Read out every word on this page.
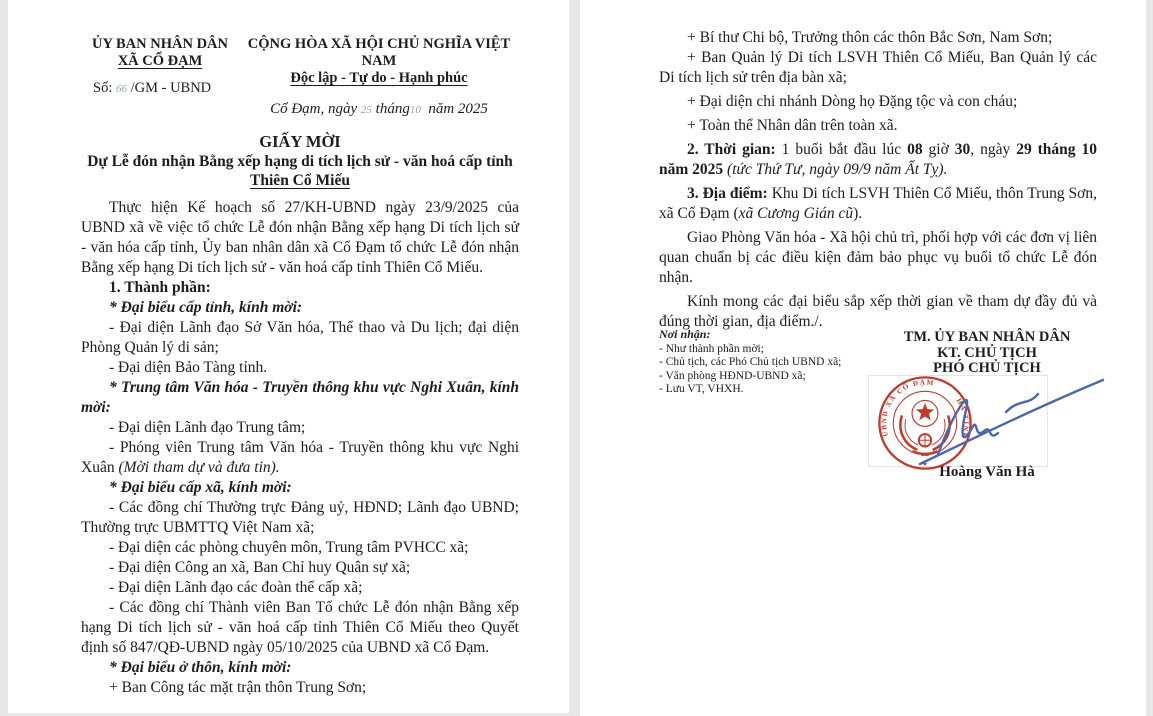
ỦY BAN NHÂN DÂN
XÃ CỔ ĐẠM
Số: 66 /GM - UBND
CỘNG HÒA XÃ HỘI CHỦ NGHĨA VIỆT NAM
Độc lập - Tự do - Hạnh phúc
Cổ Đạm, ngày 25 tháng10  năm 2025
GIẤY MỜI
Dự Lễ đón nhận Bằng xếp hạng di tích lịch sử - văn hoá cấp tỉnh
Thiên Cổ Miếu

Thực hiện Kế hoạch số 27/KH-UBND ngày 23/9/2025 của UBND xã về việc tổ chức Lễ đón nhận Bằng xếp hạng Di tích lịch sử - văn hóa cấp tỉnh, Ủy ban nhân dân xã Cổ Đạm tổ chức Lễ đón nhận Bằng xếp hạng Di tích lịch sử - văn hoá cấp tỉnh Thiên Cổ Miếu.

1. Thành phần:

* Đại biểu cấp tỉnh, kính mời:

- Đại diện Lãnh đạo Sở Văn hóa, Thể thao và Du lịch; đại diện Phòng Quản lý di sản;

- Đại diện Bảo Tàng tỉnh.

* Trung tâm Văn hóa - Truyền thông khu vực Nghi Xuân, kính mời:

- Đại diện Lãnh đạo Trung tâm;

- Phóng viên Trung tâm Văn hóa - Truyền thông khu vực Nghi Xuân (Mời tham dự và đưa tin).

* Đại biểu cấp xã, kính mời:

- Các đồng chí Thường trực Đảng uỷ, HĐND; Lãnh đạo UBND; Thường trực UBMTTQ Việt Nam xã;

- Đại diện các phòng chuyên môn, Trung tâm PVHCC xã;

- Đại diện Công an xã, Ban Chỉ huy Quân sự xã;

- Đại diện Lãnh đạo các đoàn thể cấp xã;

- Các đồng chí Thành viên Ban Tổ chức Lễ đón nhận Bằng xếp hạng Di tích lịch sử - văn hoá cấp tỉnh Thiên Cổ Miếu theo Quyết định số 847/QĐ-UBND ngày 05/10/2025 của UBND xã Cổ Đạm.

* Đại biểu ở thôn, kính mời:

+ Ban Công tác mặt trận thôn Trung Sơn;

+ Bí thư Chi bộ, Trưởng thôn các thôn Bắc Sơn, Nam Sơn;

+ Ban Quản lý Di tích LSVH Thiên Cổ Miếu, Ban Quản lý các Di tích lịch sử trên địa bàn xã;

+ Đại diện chi nhánh Dòng họ Đặng tộc và con cháu;

+ Toàn thể Nhân dân trên toàn xã.

2. Thời gian: 1 buổi bắt đầu lúc 08 giờ 30, ngày 29 tháng 10 năm 2025 (tức Thứ Tư, ngày 09/9 năm Ất Tỵ).

3. Địa điểm: Khu Di tích LSVH Thiên Cổ Miếu, thôn Trung Sơn, xã Cổ Đạm (xã Cương Gián cũ).

Giao Phòng Văn hóa - Xã hội chủ trì, phối hợp với các đơn vị liên quan chuẩn bị các điều kiện đảm bảo phục vụ buổi tổ chức Lễ đón nhận.

Kính mong các đại biểu sắp xếp thời gian về tham dự đầy đủ và đúng thời gian, địa điểm./.

Nơi nhận:
- Như thành phần mời;
- Chủ tịch, các Phó Chủ tịch UBND xã;
- Văn phòng HĐND-UBND xã;
- Lưu VT, VHXH.
TM. ỦY BAN NHÂN DÂN
KT. CHỦ TỊCH
PHÓ CHỦ TỊCH
UBND XÃ CỔ ĐẠM HÀ TĨNH
★ Hoàng Văn Hà
